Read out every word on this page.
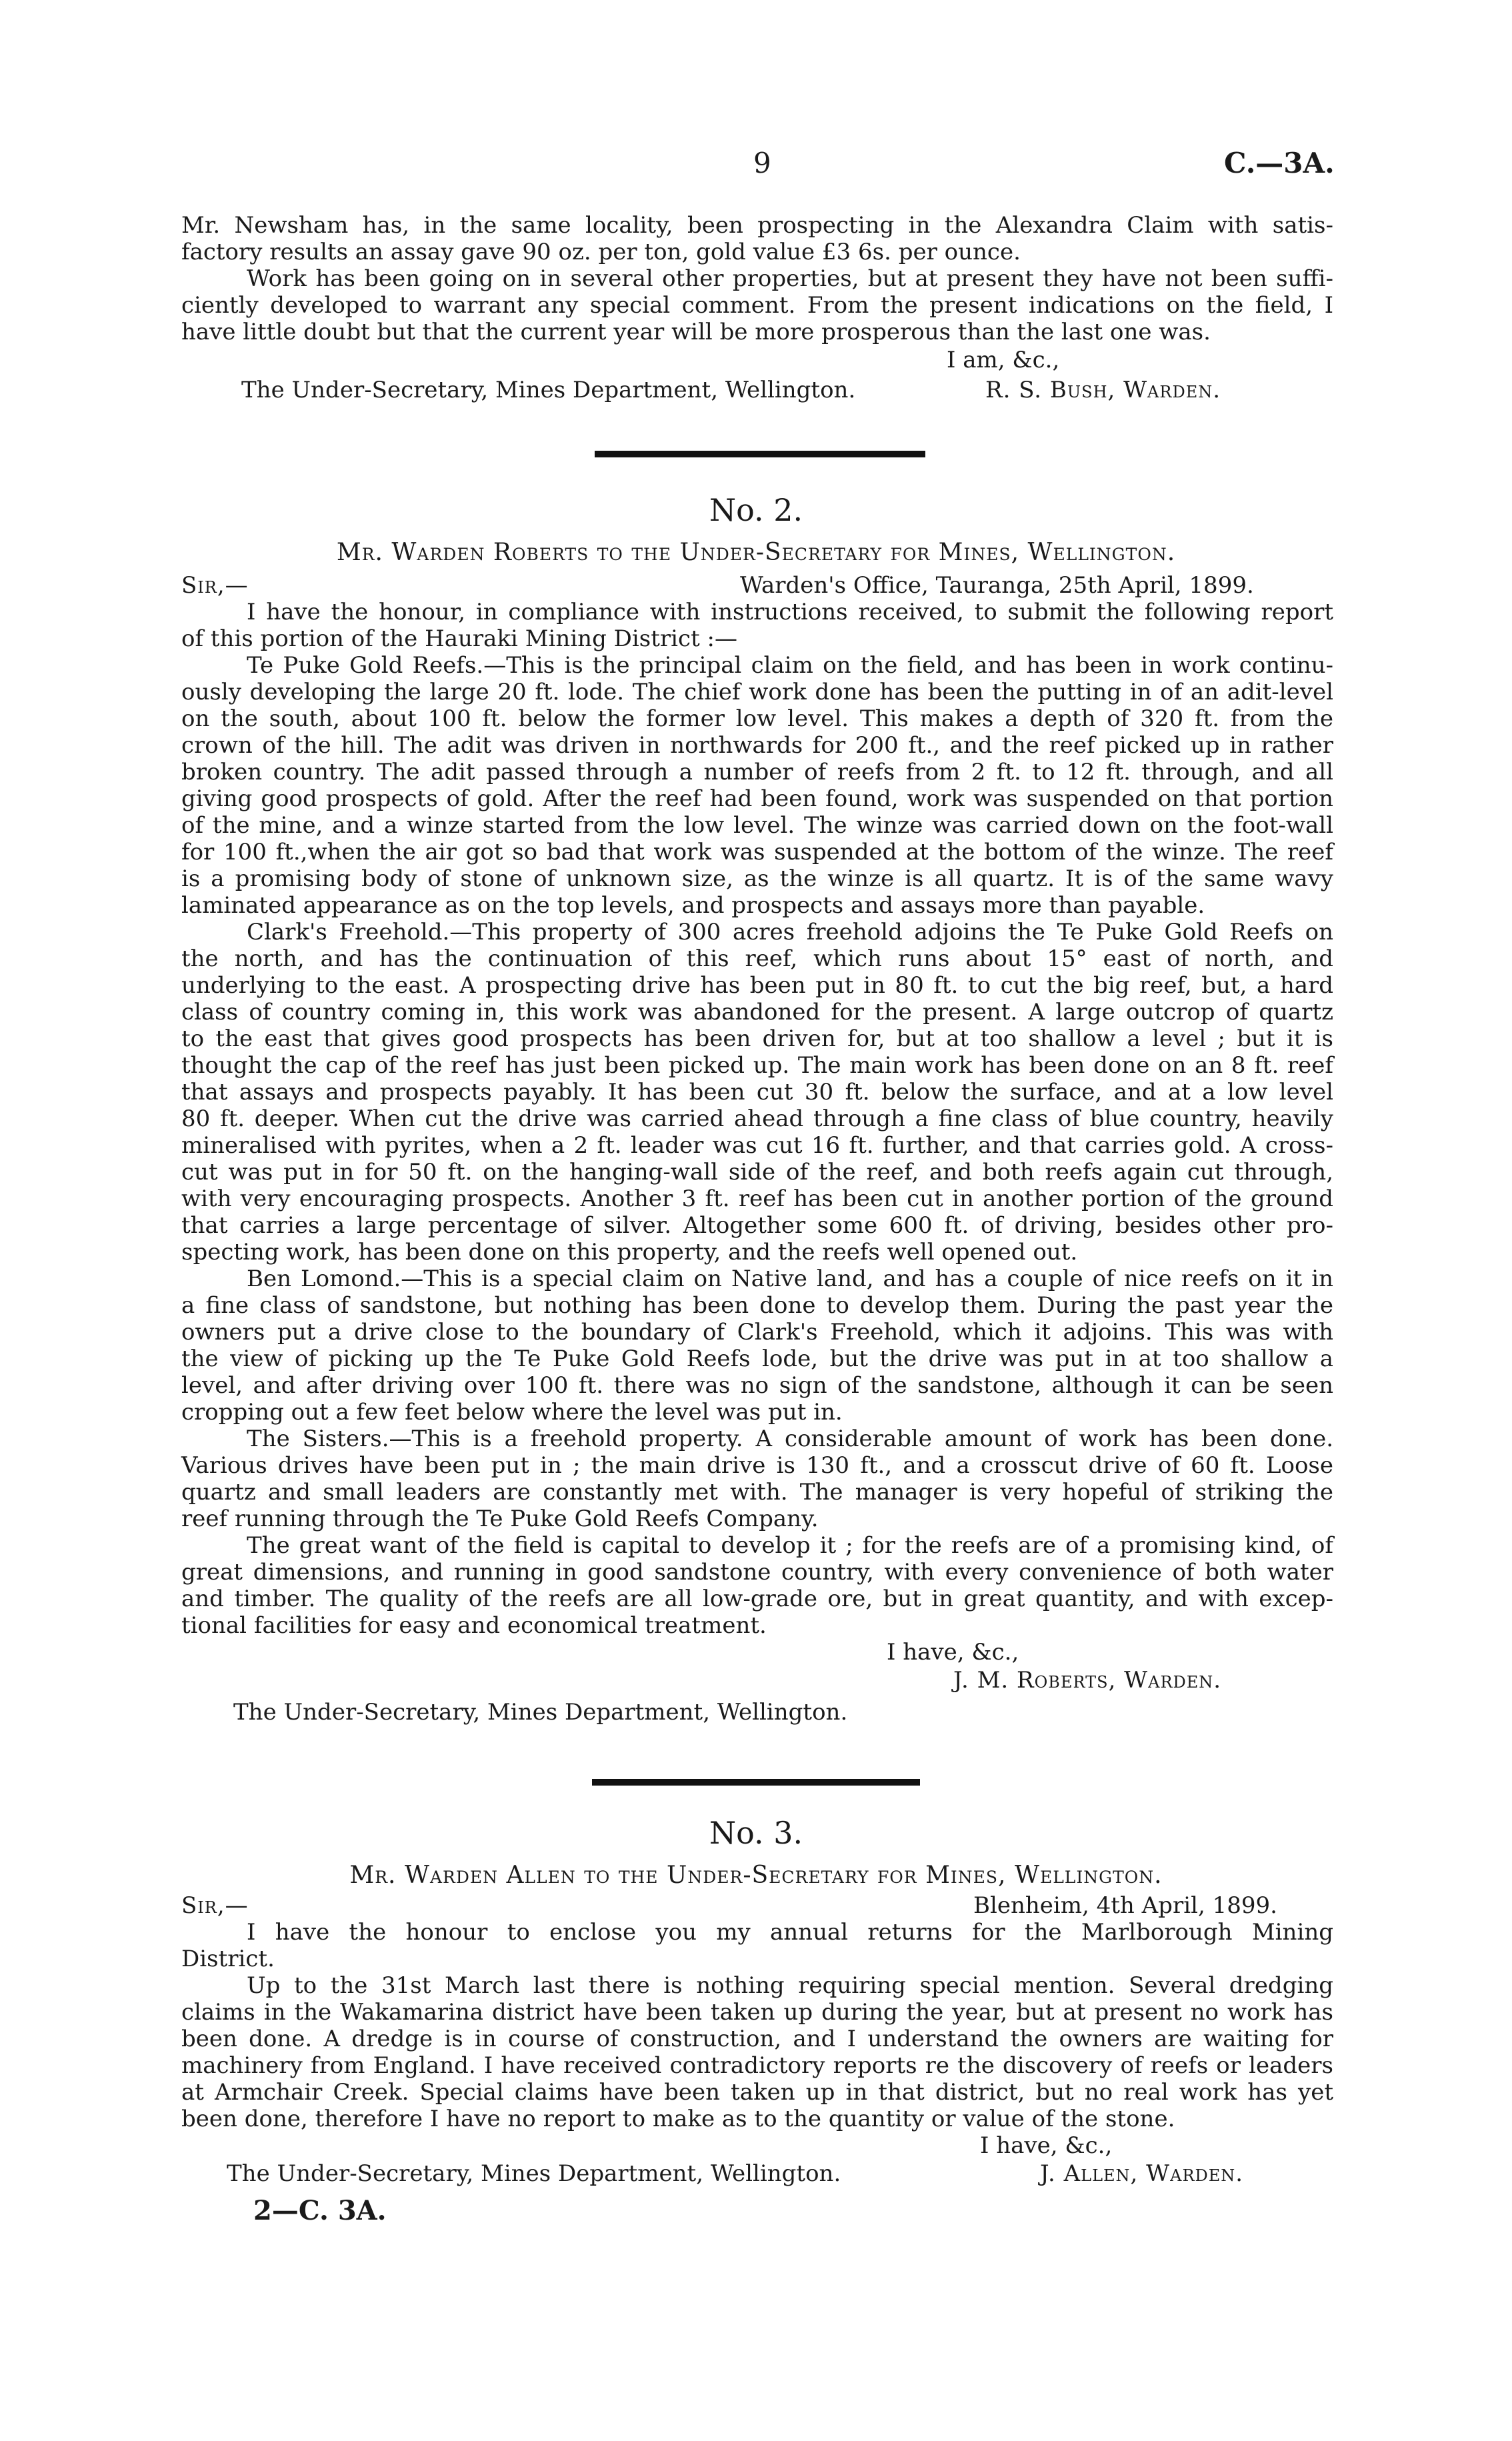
9	C.—3A.
Mr. Newsham has, in the same locality, been prospecting in the Alexandra Claim with satis-
factory results an assay gave 90 oz. per ton, gold value £3 6s. per ounce.
Work has been going on in several other properties, but at present they have not been suffi-
ciently developed to warrant any special comment. From the present indications on the field, I
have little doubt but that the current year will be more prosperous than the last one was.
I am, &c.,
The Under-Secretary, Mines Department, Wellington.	R. S. Bush, Warden.
No. 2.
Mr. Warden Roberts to the Under-Secretary for Mines, Wellington.
Sir,—	Warden's Office, Tauranga, 25th April, 1899.
I have the honour, in compliance with instructions received, to submit the following report
of this portion of the Hauraki Mining District :—
Te Puke Gold Reefs.—This is the principal claim on the field, and has been in work continu-
ously developing the large 20 ft. lode. The chief work done has been the putting in of an adit-level
on the south, about 100 ft. below the former low level. This makes a depth of 320 ft. from the
crown of the hill. The adit was driven in northwards for 200 ft., and the reef picked up in rather
broken country. The adit passed through a number of reefs from 2 ft. to 12 ft. through, and all
giving good prospects of gold. After the reef had been found, work was suspended on that portion
of the mine, and a winze started from the low level. The winze was carried down on the foot-wall
for 100 ft.,when the air got so bad that work was suspended at the bottom of the winze. The reef
is a promising body of stone of unknown size, as the winze is all quartz. It is of the same wavy
laminated appearance as on the top levels, and prospects and assays more than payable.
Clark's Freehold.—This property of 300 acres freehold adjoins the Te Puke Gold Reefs on
the north, and has the continuation of this reef, which runs about 15° east of north, and
underlying to the east. A prospecting drive has been put in 80 ft. to cut the big reef, but, a hard
class of country coming in, this work was abandoned for the present. A large outcrop of quartz
to the east that gives good prospects has been driven for, but at too shallow a level ; but it is
thought the cap of the reef has just been picked up. The main work has been done on an 8 ft. reef
that assays and prospects payably. It has been cut 30 ft. below the surface, and at a low level
80 ft. deeper. When cut the drive was carried ahead through a fine class of blue country, heavily
mineralised with pyrites, when a 2 ft. leader was cut 16 ft. further, and that carries gold. A cross-
cut was put in for 50 ft. on the hanging-wall side of the reef, and both reefs again cut through,
with very encouraging prospects. Another 3 ft. reef has been cut in another portion of the ground
that carries a large percentage of silver. Altogether some 600 ft. of driving, besides other pro-
specting work, has been done on this property, and the reefs well opened out.
Ben Lomond.—This is a special claim on Native land, and has a couple of nice reefs on it in
a fine class of sandstone, but nothing has been done to develop them. During the past year the
owners put a drive close to the boundary of Clark's Freehold, which it adjoins. This was with
the view of picking up the Te Puke Gold Reefs lode, but the drive was put in at too shallow a
level, and after driving over 100 ft. there was no sign of the sandstone, although it can be seen
cropping out a few feet below where the level was put in.
The Sisters.—This is a freehold property. A considerable amount of work has been done.
Various drives have been put in ; the main drive is 130 ft., and a crosscut drive of 60 ft. Loose
quartz and small leaders are constantly met with. The manager is very hopeful of striking the
reef running through the Te Puke Gold Reefs Company.
The great want of the field is capital to develop it ; for the reefs are of a promising kind, of
great dimensions, and running in good sandstone country, with every convenience of both water
and timber. The quality of the reefs are all low-grade ore, but in great quantity, and with excep-
tional facilities for easy and economical treatment.
I have, &c.,
J. M. Roberts, Warden.
The Under-Secretary, Mines Department, Wellington.
No. 3.
Mr. Warden Allen to the Under-Secretary for Mines, Wellington.
Sir,—	Blenheim, 4th April, 1899.
I have the honour to enclose you my annual returns for the Marlborough Mining
District.
Up to the 31st March last there is nothing requiring special mention. Several dredging
claims in the Wakamarina district have been taken up during the year, but at present no work has
been done. A dredge is in course of construction, and I understand the owners are waiting for
machinery from England. I have received contradictory reports re the discovery of reefs or leaders
at Armchair Creek. Special claims have been taken up in that district, but no real work has yet
been done, therefore I have no report to make as to the quantity or value of the stone.
I have, &c.,
The Under-Secretary, Mines Department, Wellington.	J. Allen, Warden.
2—C. 3A.
